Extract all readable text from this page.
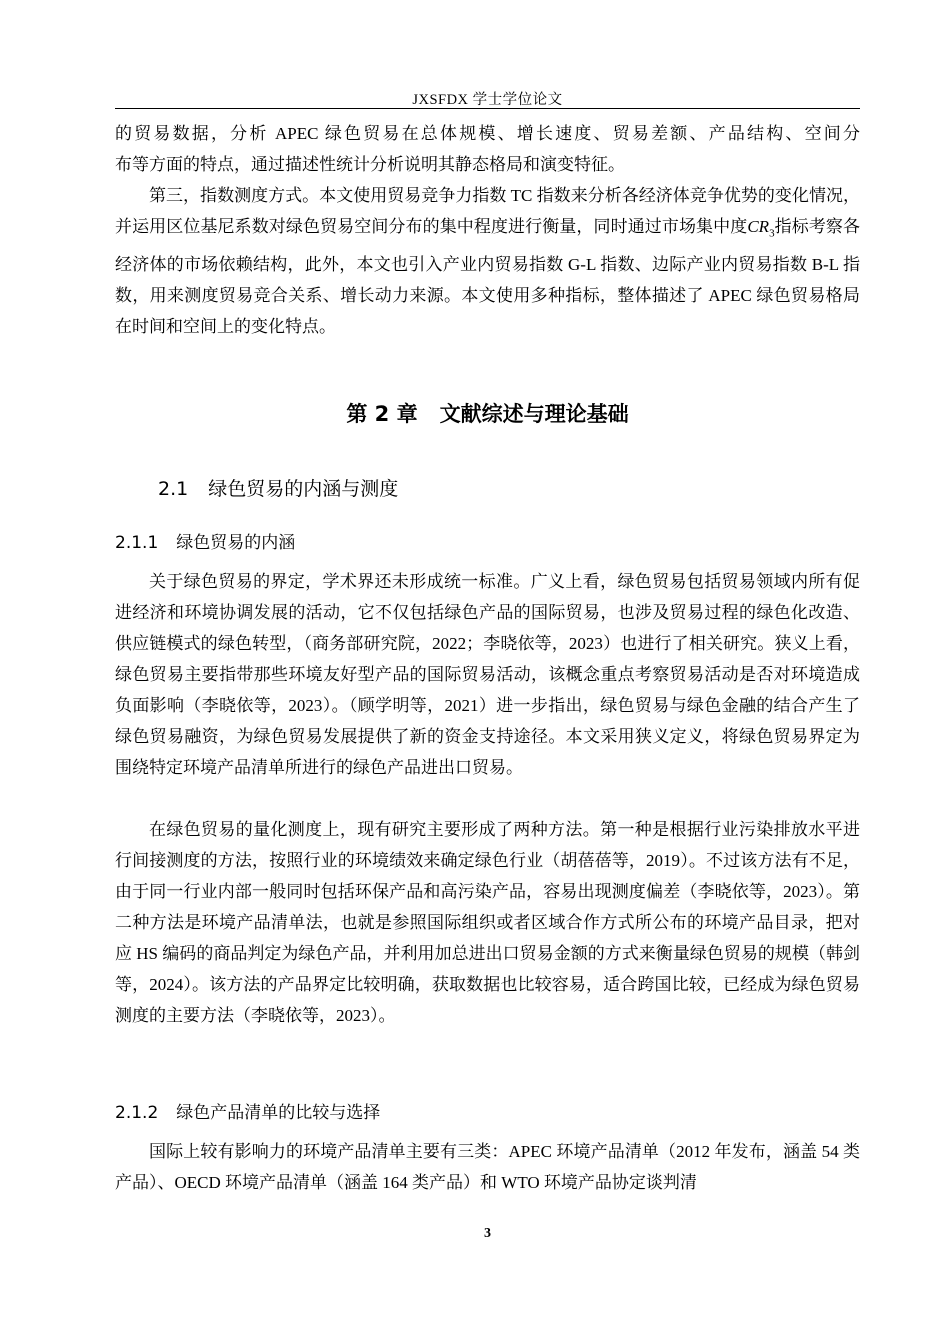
JXSFDX 学士学位论文

的贸易数据，分析 APEC 绿色贸易在总体规模、增长速度、贸易差额、产品结构、空间分

布等方面的特点，通过描述性统计分析说明其静态格局和演变特征。

第三，指数测度方式。本文使用贸易竞争力指数 TC 指数来分析各经济体竞争优势的变化情况，并运用区位基尼系数对绿色贸易空间分布的集中程度进行衡量，同时通过市场集中度$CR_3$指标考察各经济体的市场依赖结构，此外，本文也引入产业内贸易指数 G-L 指数、边际产业内贸易指数 B-L 指数，用来测度贸易竞合关系、增长动力来源。本文使用多种指标，整体描述了 APEC 绿色贸易格局在时间和空间上的变化特点。

第 2 章 文献综述与理论基础
2.1 绿色贸易的内涵与测度
2.1.1 绿色贸易的内涵

关于绿色贸易的界定，学术界还未形成统一标准。广义上看，绿色贸易包括贸易领域内所有促进经济和环境协调发展的活动，它不仅包括绿色产品的国际贸易，也涉及贸易过程的绿色化改造、供应链模式的绿色转型，（商务部研究院，2022；李晓依等，2023）也进行了相关研究。狭义上看，绿色贸易主要指带那些环境友好型产品的国际贸易活动，该概念重点考察贸易活动是否对环境造成负面影响（李晓依等，2023）。（顾学明等，2021）进一步指出，绿色贸易与绿色金融的结合产生了绿色贸易融资，为绿色贸易发展提供了新的资金支持途径。本文采用狭义定义，将绿色贸易界定为围绕特定环境产品清单所进行的绿色产品进出口贸易。

在绿色贸易的量化测度上，现有研究主要形成了两种方法。第一种是根据行业污染排放水平进行间接测度的方法，按照行业的环境绩效来确定绿色行业（胡蓓蓓等，2019）。不过该方法有不足，由于同一行业内部一般同时包括环保产品和高污染产品，容易出现测度偏差（李晓依等，2023）。第二种方法是环境产品清单法，也就是参照国际组织或者区域合作方式所公布的环境产品目录，把对应 HS 编码的商品判定为绿色产品，并利用加总进出口贸易金额的方式来衡量绿色贸易的规模（韩剑等，2024）。该方法的产品界定比较明确，获取数据也比较容易，适合跨国比较，已经成为绿色贸易测度的主要方法（李晓依等，2023）。

2.1.2 绿色产品清单的比较与选择

国际上较有影响力的环境产品清单主要有三类：APEC 环境产品清单（2012 年发布，涵盖 54 类产品）、OECD 环境产品清单（涵盖 164 类产品）和 WTO 环境产品协定谈判清

3
